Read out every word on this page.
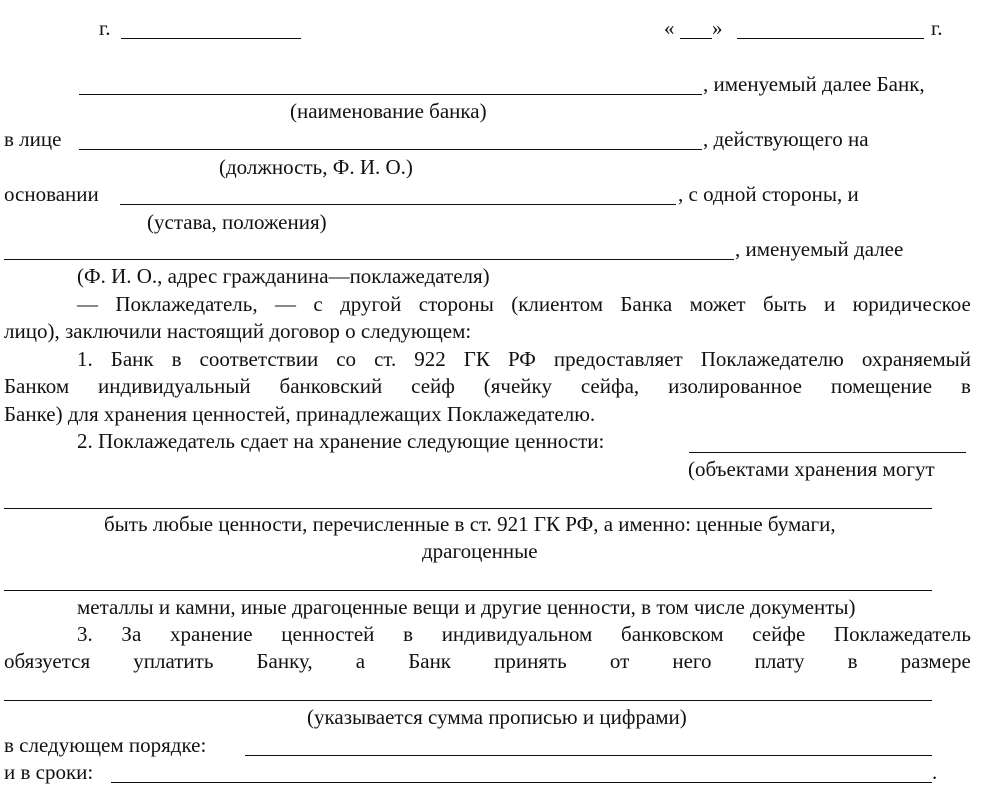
г.	« »	г.
, именуемый далее Банк,
(наименование банка)
в лице	, действующего на
(должность, Ф. И. О.)
основании	, с одной стороны, и
(устава, положения)
, именуемый далее
(Ф. И. О., адрес гражданина—поклажедателя)
— Поклажедатель, — с другой стороны (клиентом Банка может быть и юридическое
лицо), заключили настоящий договор о следующем:
1. Банк в соответствии со ст. 922 ГК РФ предоставляет Поклажедателю охраняемый
Банком индивидуальный банковский сейф (ячейку сейфа, изолированное помещение в
Банке) для хранения ценностей, принадлежащих Поклажедателю.
2. Поклажедатель сдает на хранение следующие ценности:
(объектами хранения могут
быть любые ценности, перечисленные в ст. 921 ГК РФ, а именно: ценные бумаги,
драгоценные
металлы и камни, иные драгоценные вещи и другие ценности, в том числе документы)
3. За хранение ценностей в индивидуальном банковском сейфе Поклажедатель
обязуется уплатить Банку, а Банк принять от него плату в размере
(указывается сумма прописью и цифрами)
в следующем порядке:
и в сроки:	.
